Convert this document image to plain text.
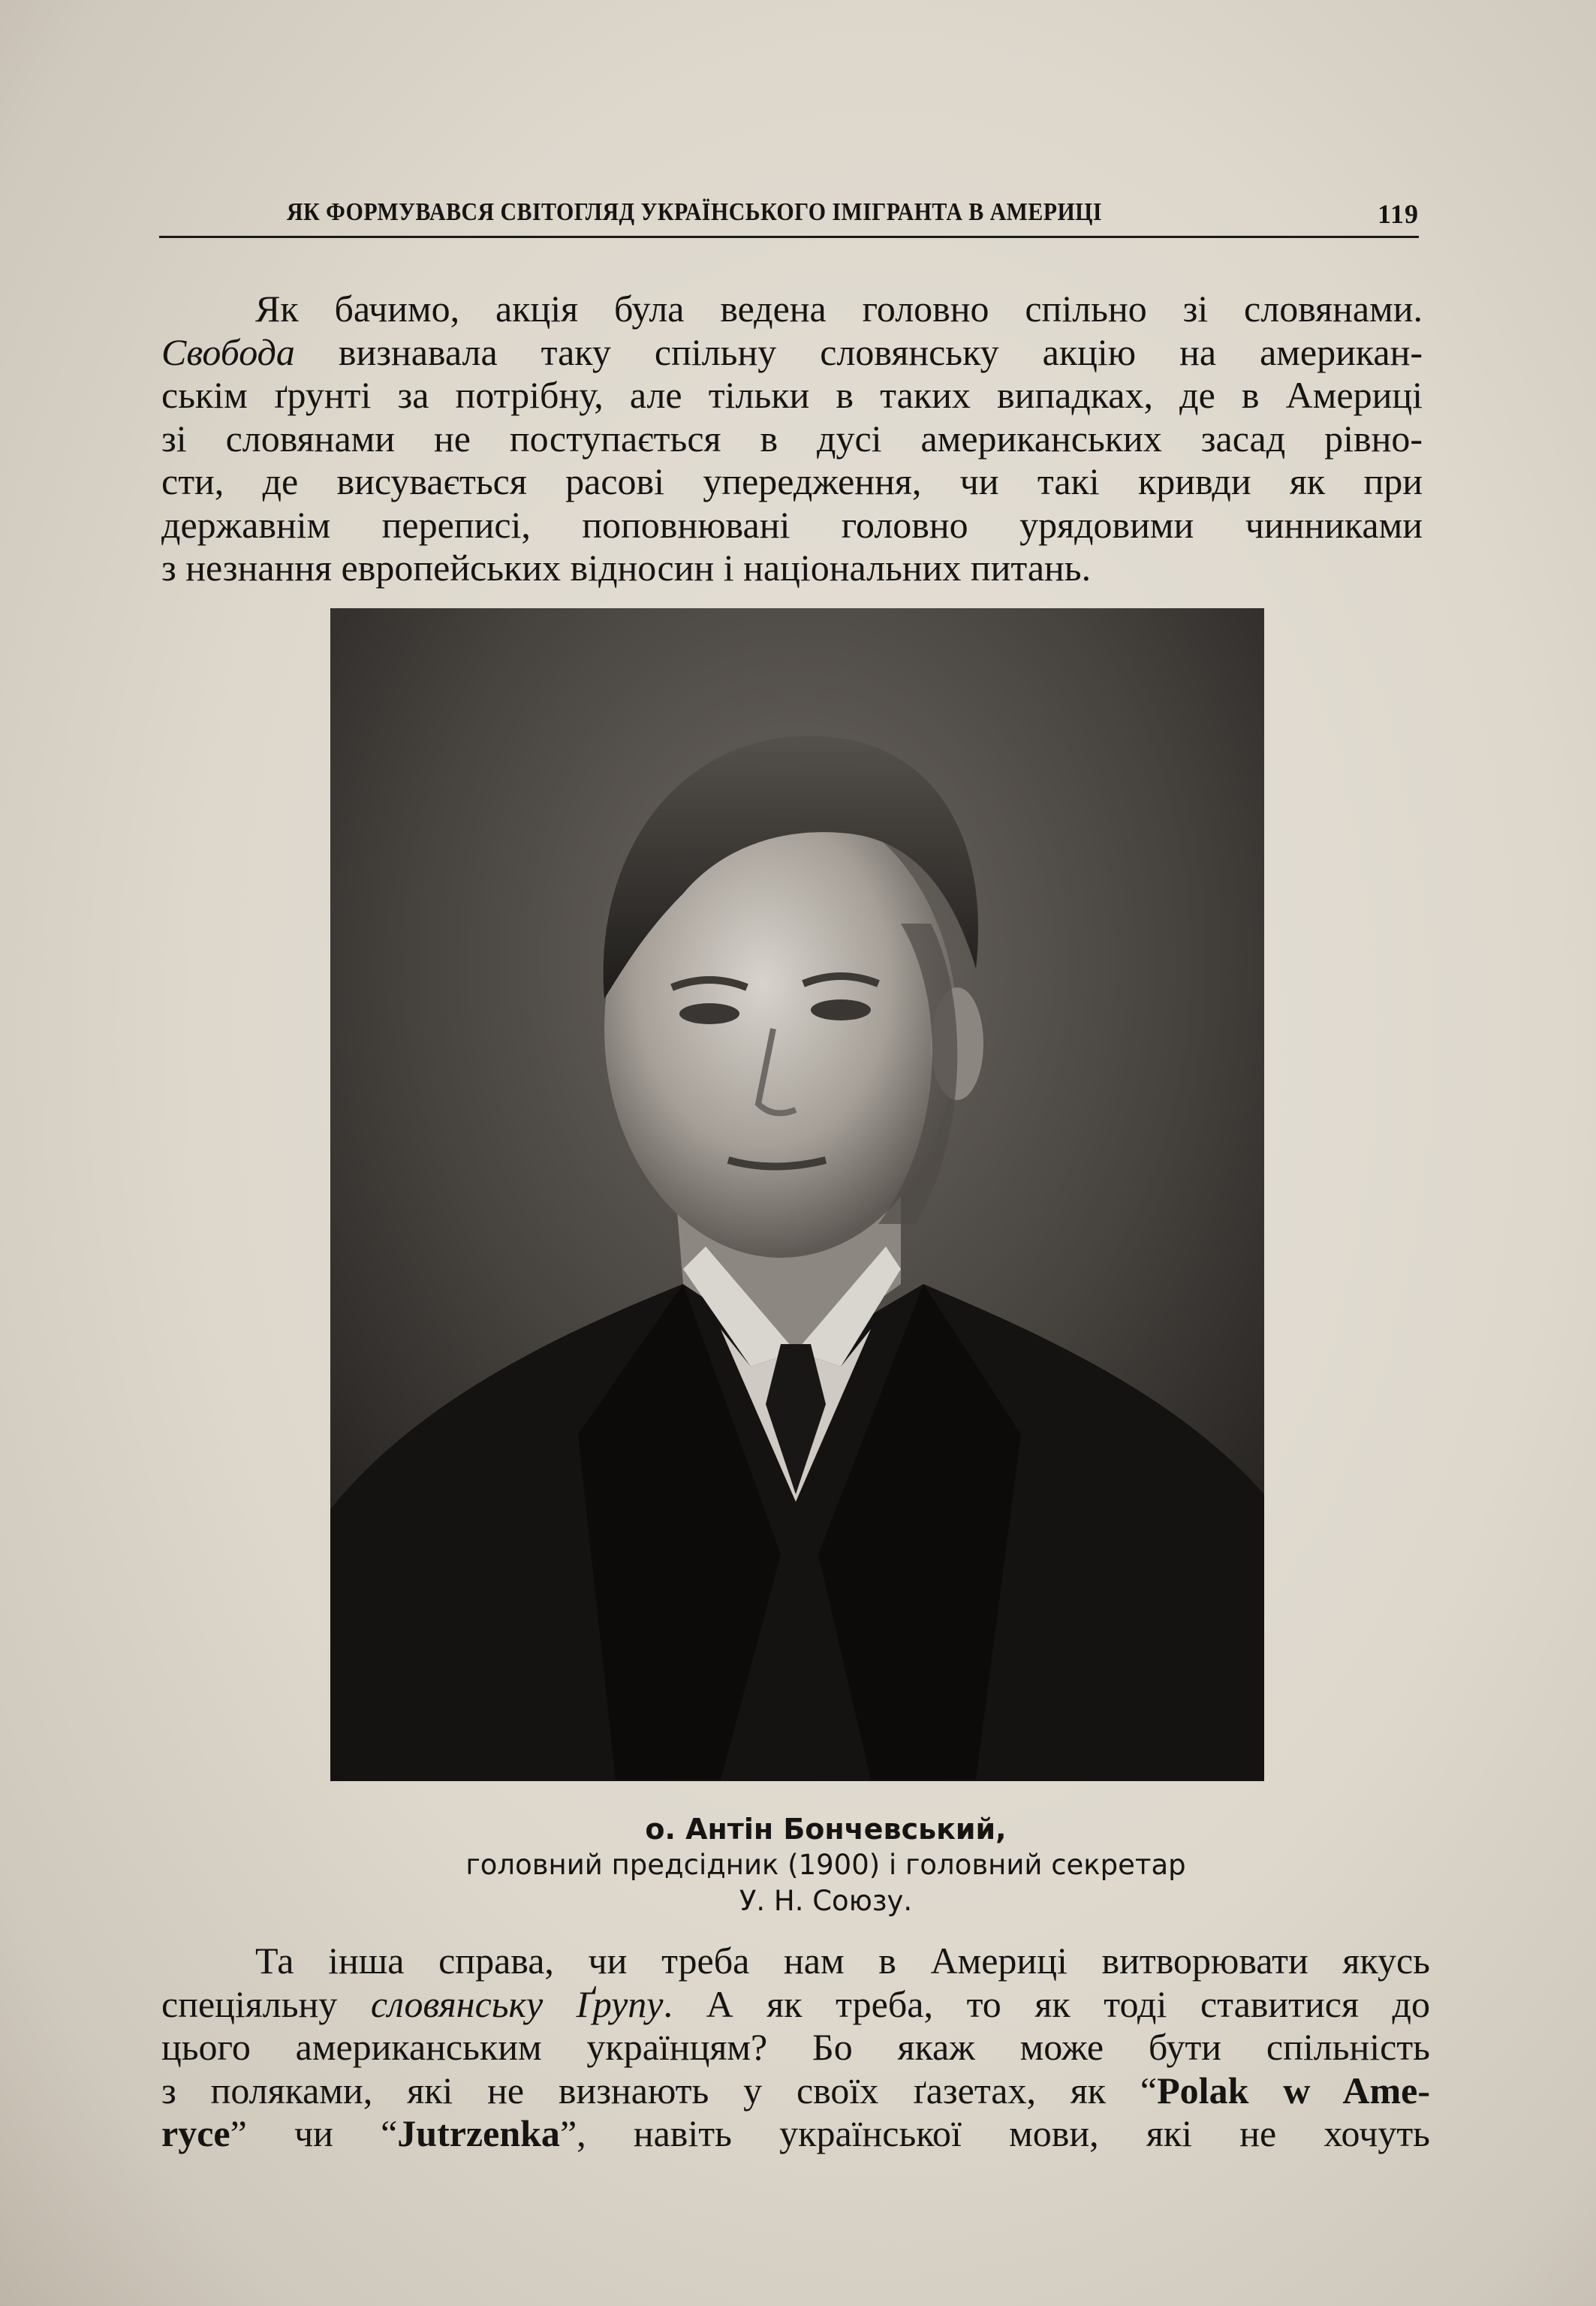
ЯК ФОРМУВАВСЯ СВІТОГЛЯД УКРАЇНСЬКОГО ІМІГРАНТА В АМЕРИЦІ	119
Як бачимо, акція була ведена головно спільно зі словянами.
Свобода визнавала таку спільну словянську акцію на американ-
ськім ґрунті за потрібну, але тільки в таких випадках, де в Америці
зі словянами не поступається в дусі американських засад рівно-
сти, де висувається расові упередження, чи такі кривди як при
державнім переписі, поповнювані головно урядовими чинниками
з незнання европейських відносин і національних питань.
о. Антін Бончевський,
головний предсідник (1900) і головний секретар
У. Н. Союзу.
Та інша справа, чи треба нам в Америці витворювати якусь
спеціяльну словянську Ґрупу. А як треба, то як тоді ставитися до
цього американським українцям? Бо якаж може бути спільність
з поляками, які не визнають у своїх ґазетах, як “Polak w Ame-
ryce” чи “Jutrzenka”, навіть української мови, які не хочуть
